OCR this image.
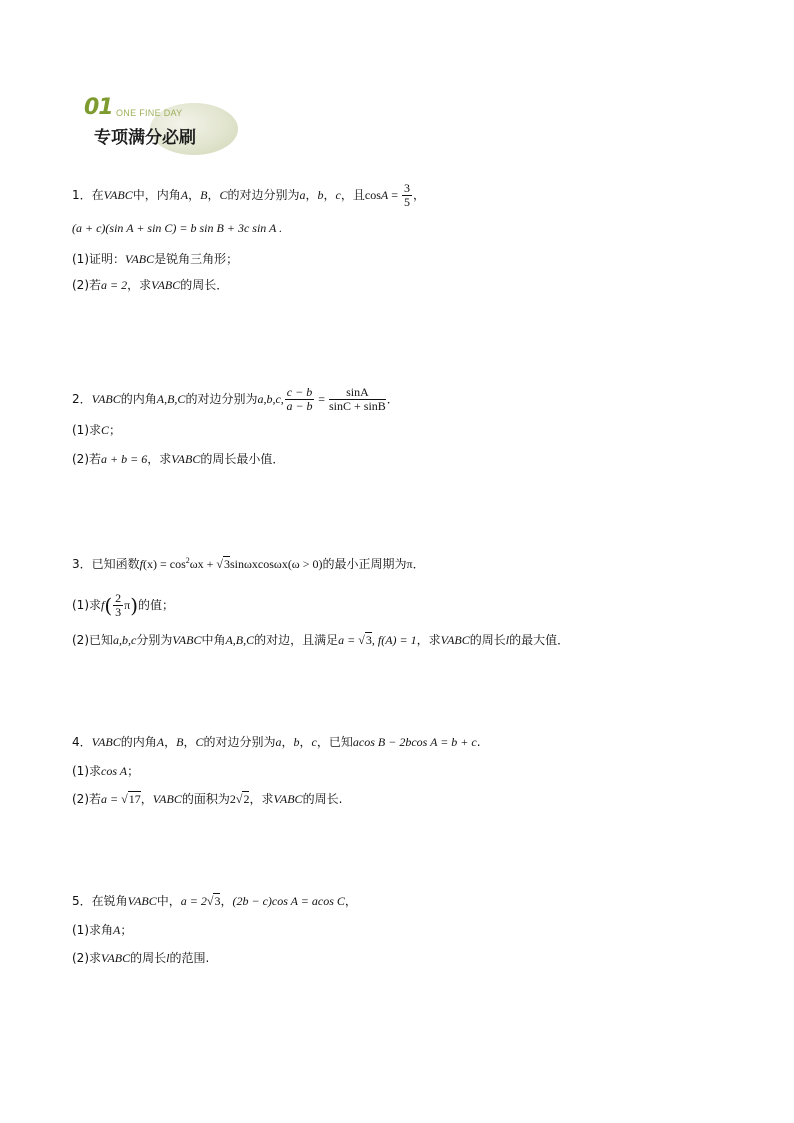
01 ONE FINE DAY
专项满分必刷
1．在VABC中，内角A，B，C的对边分别为a，b，c，且$\cos A = \frac{3}{5}$ ，
(a + c)(sin A + sin C) = b sin B + 3c sin A .
(1)证明：VABC是锐角三角形；
(2)若a = 2，求VABC的周长．
2．VABC的内角A,B,C的对边分别为a,b,c, $\frac{c - b}{a - b} = \frac{\sin A}{\sin C + \sin B}$ ．
(1)求C；
(2)若a + b = 6，求VABC的周长最小值．
3．已知函数$f(x) = \cos^2\omega x + √3\sin\omega xcos\omega x(\omega > 0)$的最小正周期为π．
(1)求$f( \frac{2}{3} \pi)$的值；
(2)已知a,b,c分别为VABC中角A,B,C的对边，且满足a = √3, f(A) = 1，求VABC的周长l的最大值．
4．VABC的内角A，B，C的对边分别为a，b，c，已知acos B − 2bcos A = b + c.
(1)求cos A；
(2)若a = √17，VABC的面积为2√2，求VABC的周长.
5．在锐角VABC中，a = 2√3，(2b − c)cos A = acos C，
(1)求角A；
(2)求VABC的周长l的范围.
